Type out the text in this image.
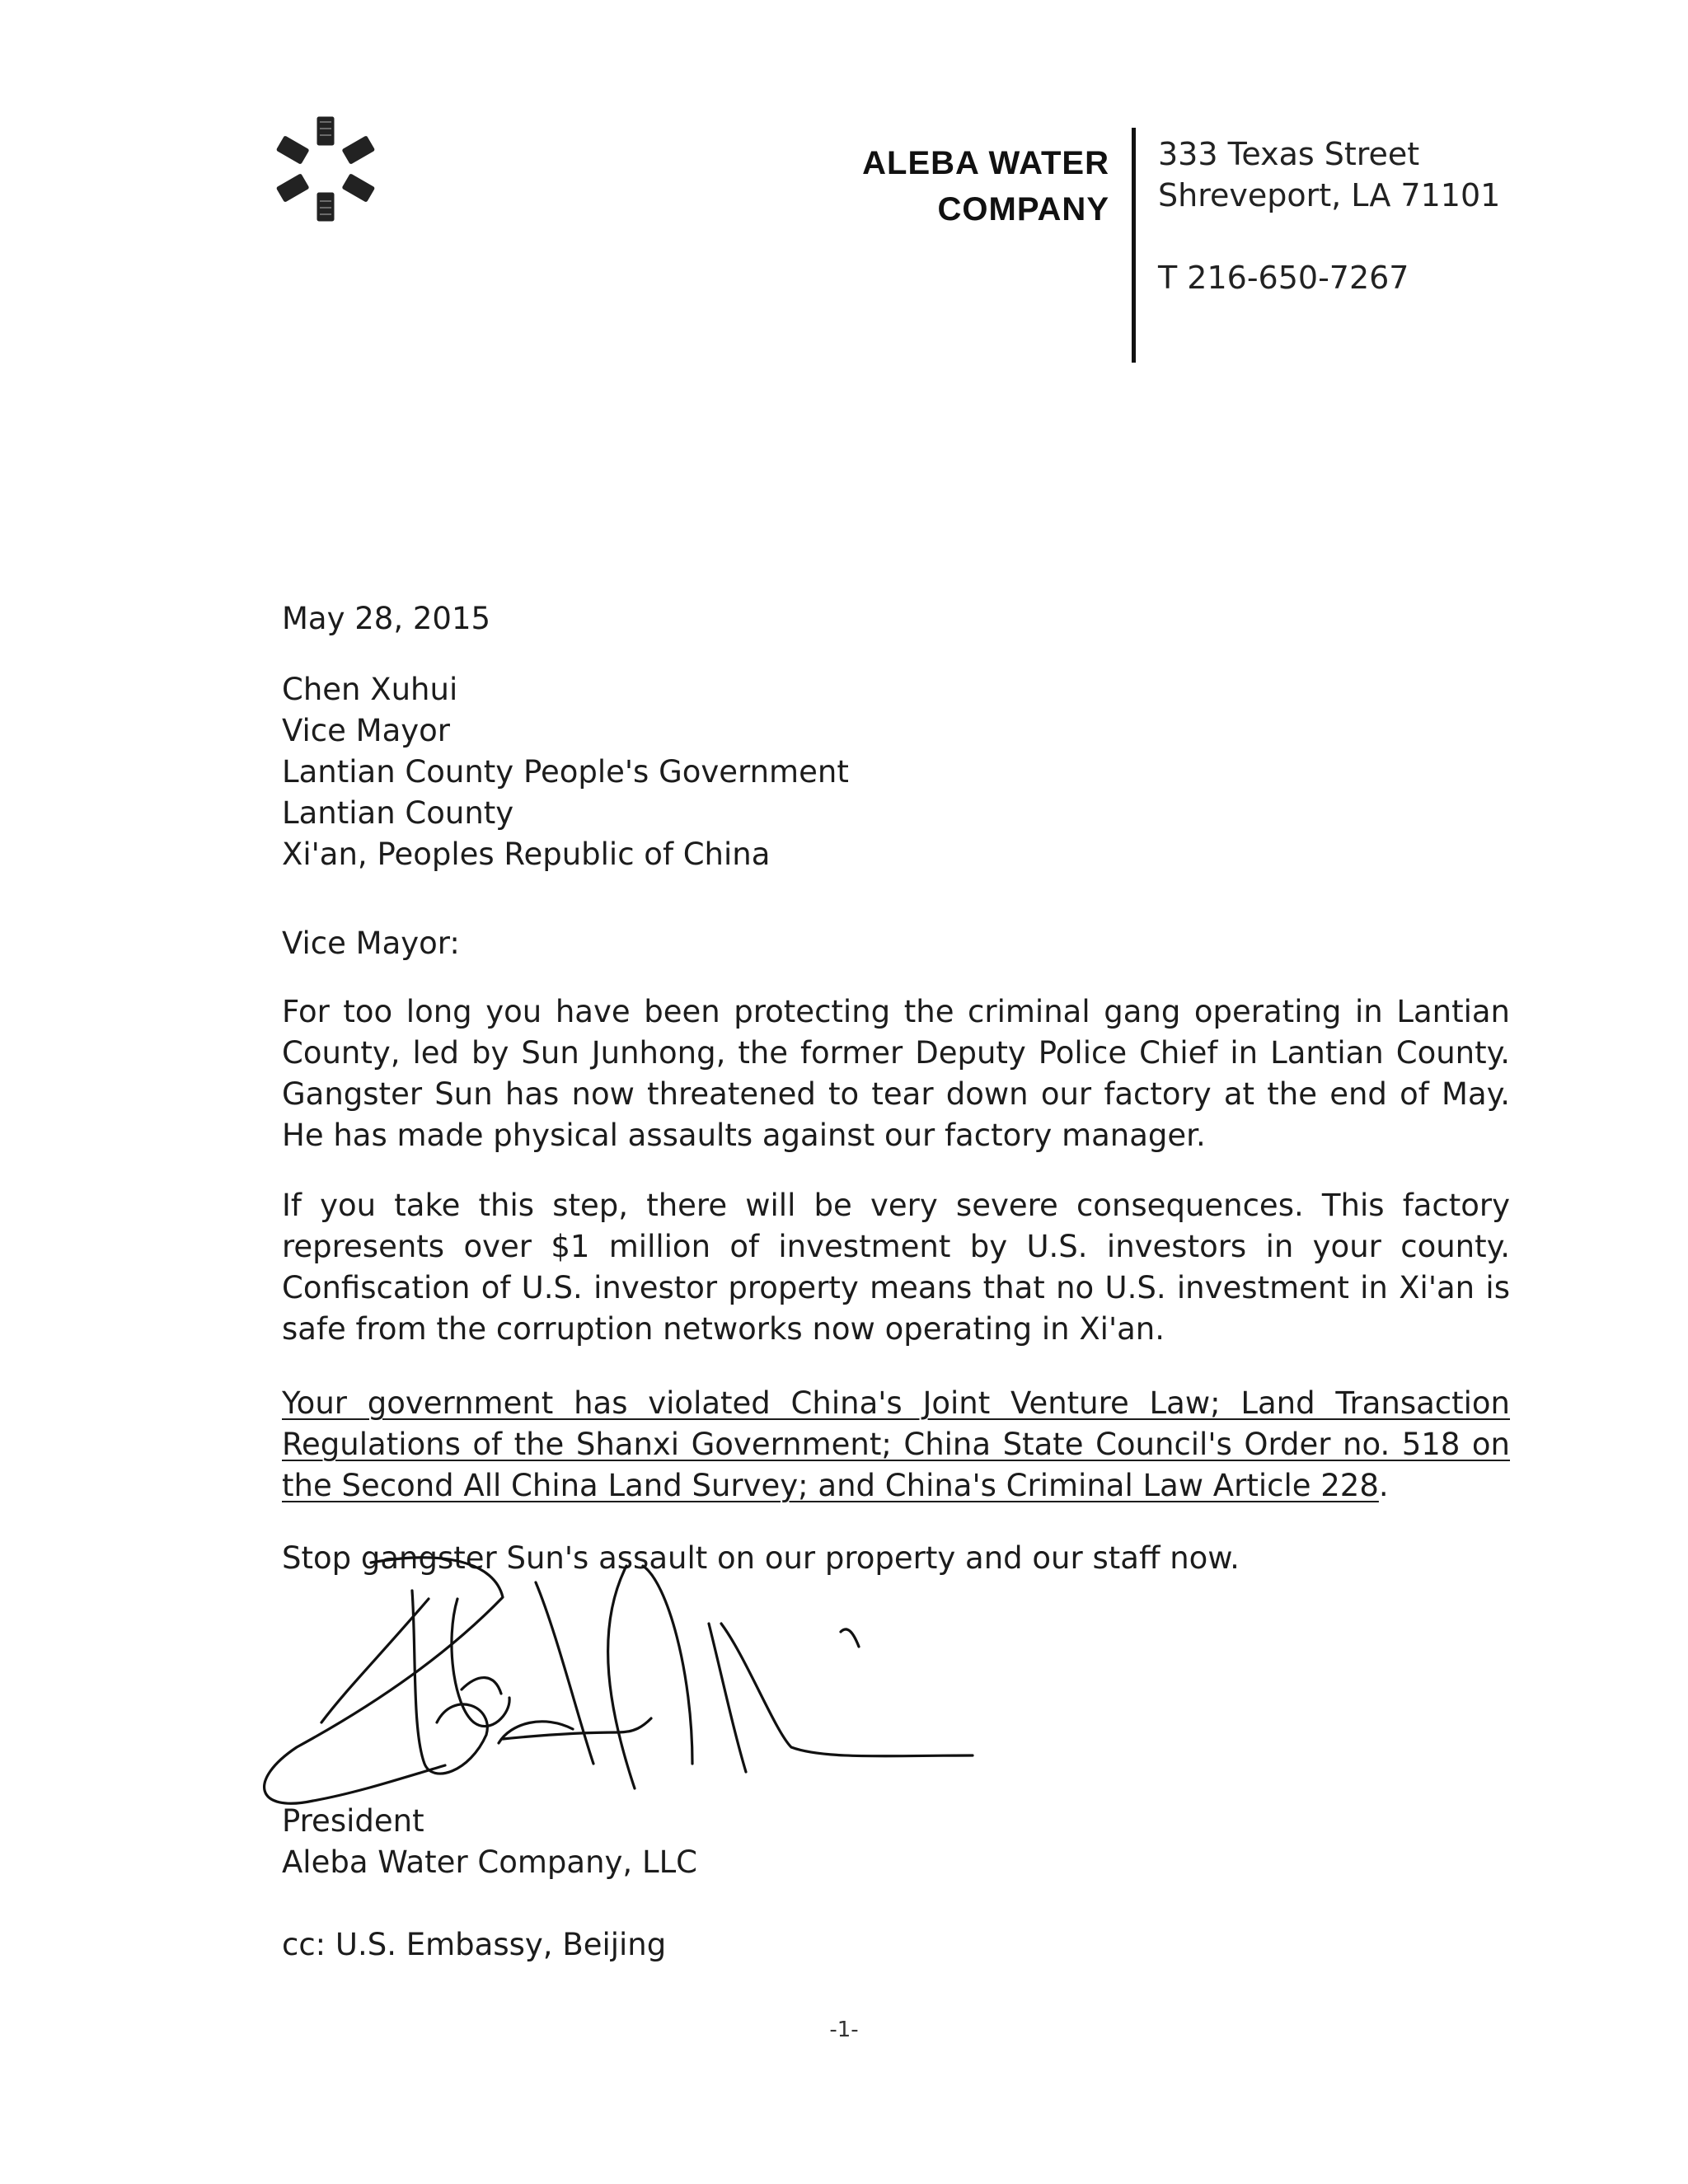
ALEBA WATER
COMPANY
333 Texas Street
Shreveport, LA 71101
T 216-650-7267
May 28, 2015
Chen Xuhui
Vice Mayor
Lantian County People's Government
Lantian County
Xi'an, Peoples Republic of China
Vice Mayor:
For too long you have been protecting the criminal gang operating in Lantian County, led by Sun Junhong, the former Deputy Police Chief in Lantian County. Gangster Sun has now threatened to tear down our factory at the end of May. He has made physical assaults against our factory manager.
If you take this step, there will be very severe consequences. This factory represents over $1 million of investment by U.S. investors in your county. Confiscation of U.S. investor property means that no U.S. investment in Xi'an is safe from the corruption networks now operating in Xi'an.
Your government has violated China's Joint Venture Law; Land Transaction Regulations of the Shanxi Government; China State Council's Order no. 518 on the Second All China Land Survey; and China's Criminal Law Article 228.
Stop gangster Sun's assault on our property and our staff now.
President
Aleba Water Company, LLC
cc: U.S. Embassy, Beijing
-1-
